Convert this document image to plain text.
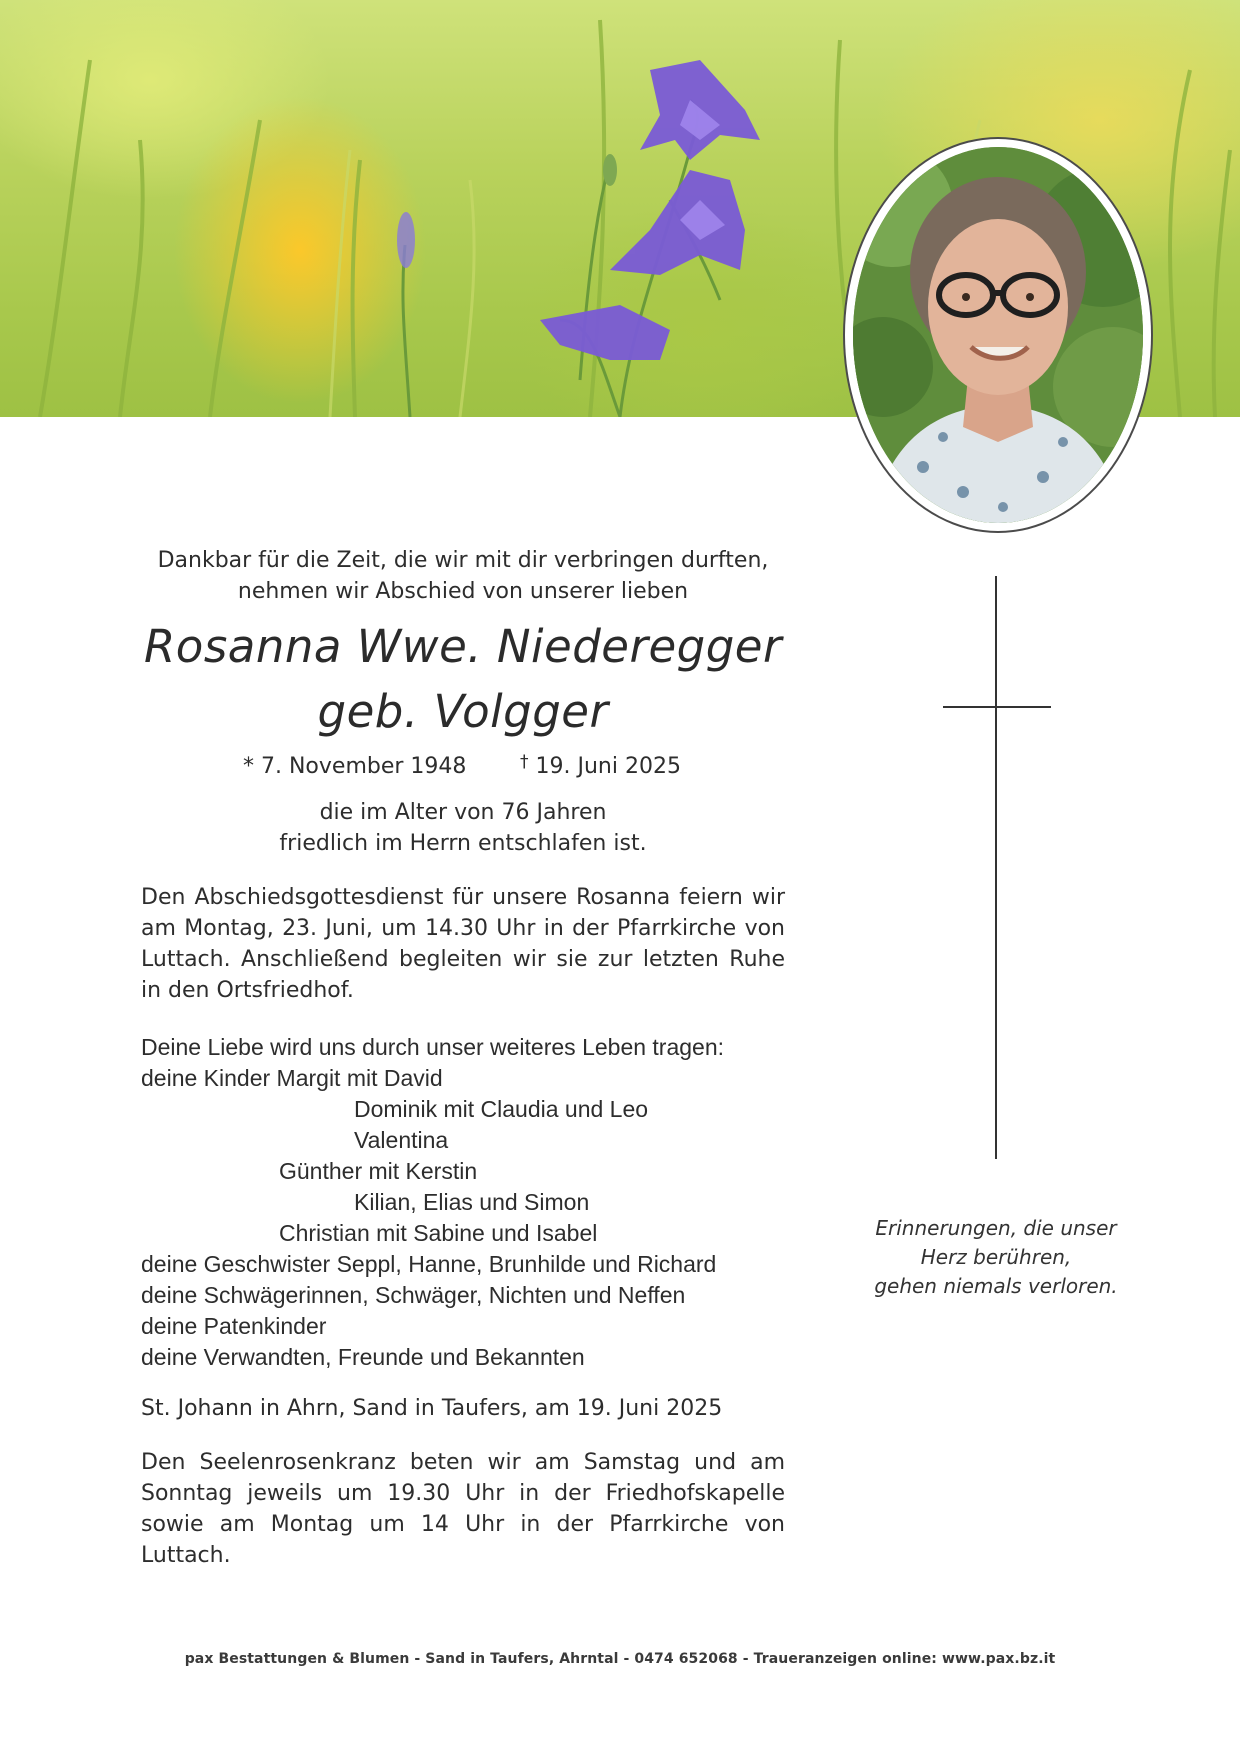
Dankbar für die Zeit, die wir mit dir verbringen durften,
nehmen wir Abschied von unserer lieben
Rosanna Wwe. Niederegger
geb. Volgger
* 7. November 1948	† 19. Juni 2025
die im Alter von 76 Jahren
friedlich im Herrn entschlafen ist.
Den Abschiedsgottesdienst für unsere Rosanna feiern wir am Montag, 23. Juni, um 14.30 Uhr in der Pfarrkirche von Luttach. Anschließend begleiten wir sie zur letzten Ruhe in den Ortsfriedhof.
Deine Liebe wird uns durch unser weiteres Leben tragen:
deine Kinder Margit mit David
Dominik mit Claudia und Leo
Valentina
Günther mit Kerstin
Kilian, Elias und Simon
Christian mit Sabine und Isabel
deine Geschwister Seppl, Hanne, Brunhilde und Richard
deine Schwägerinnen, Schwäger, Nichten und Neffen
deine Patenkinder
deine Verwandten, Freunde und Bekannten
St. Johann in Ahrn, Sand in Taufers, am 19. Juni 2025
Den Seelenrosenkranz beten wir am Samstag und am Sonntag jeweils um 19.30 Uhr in der Friedhofskapelle sowie am Montag um 14 Uhr in der Pfarrkirche von Luttach.
Erinnerungen, die unser
Herz berühren,
gehen niemals verloren.
pax Bestattungen & Blumen - Sand in Taufers, Ahrntal - 0474 652068 - Traueranzeigen online: www.pax.bz.it
